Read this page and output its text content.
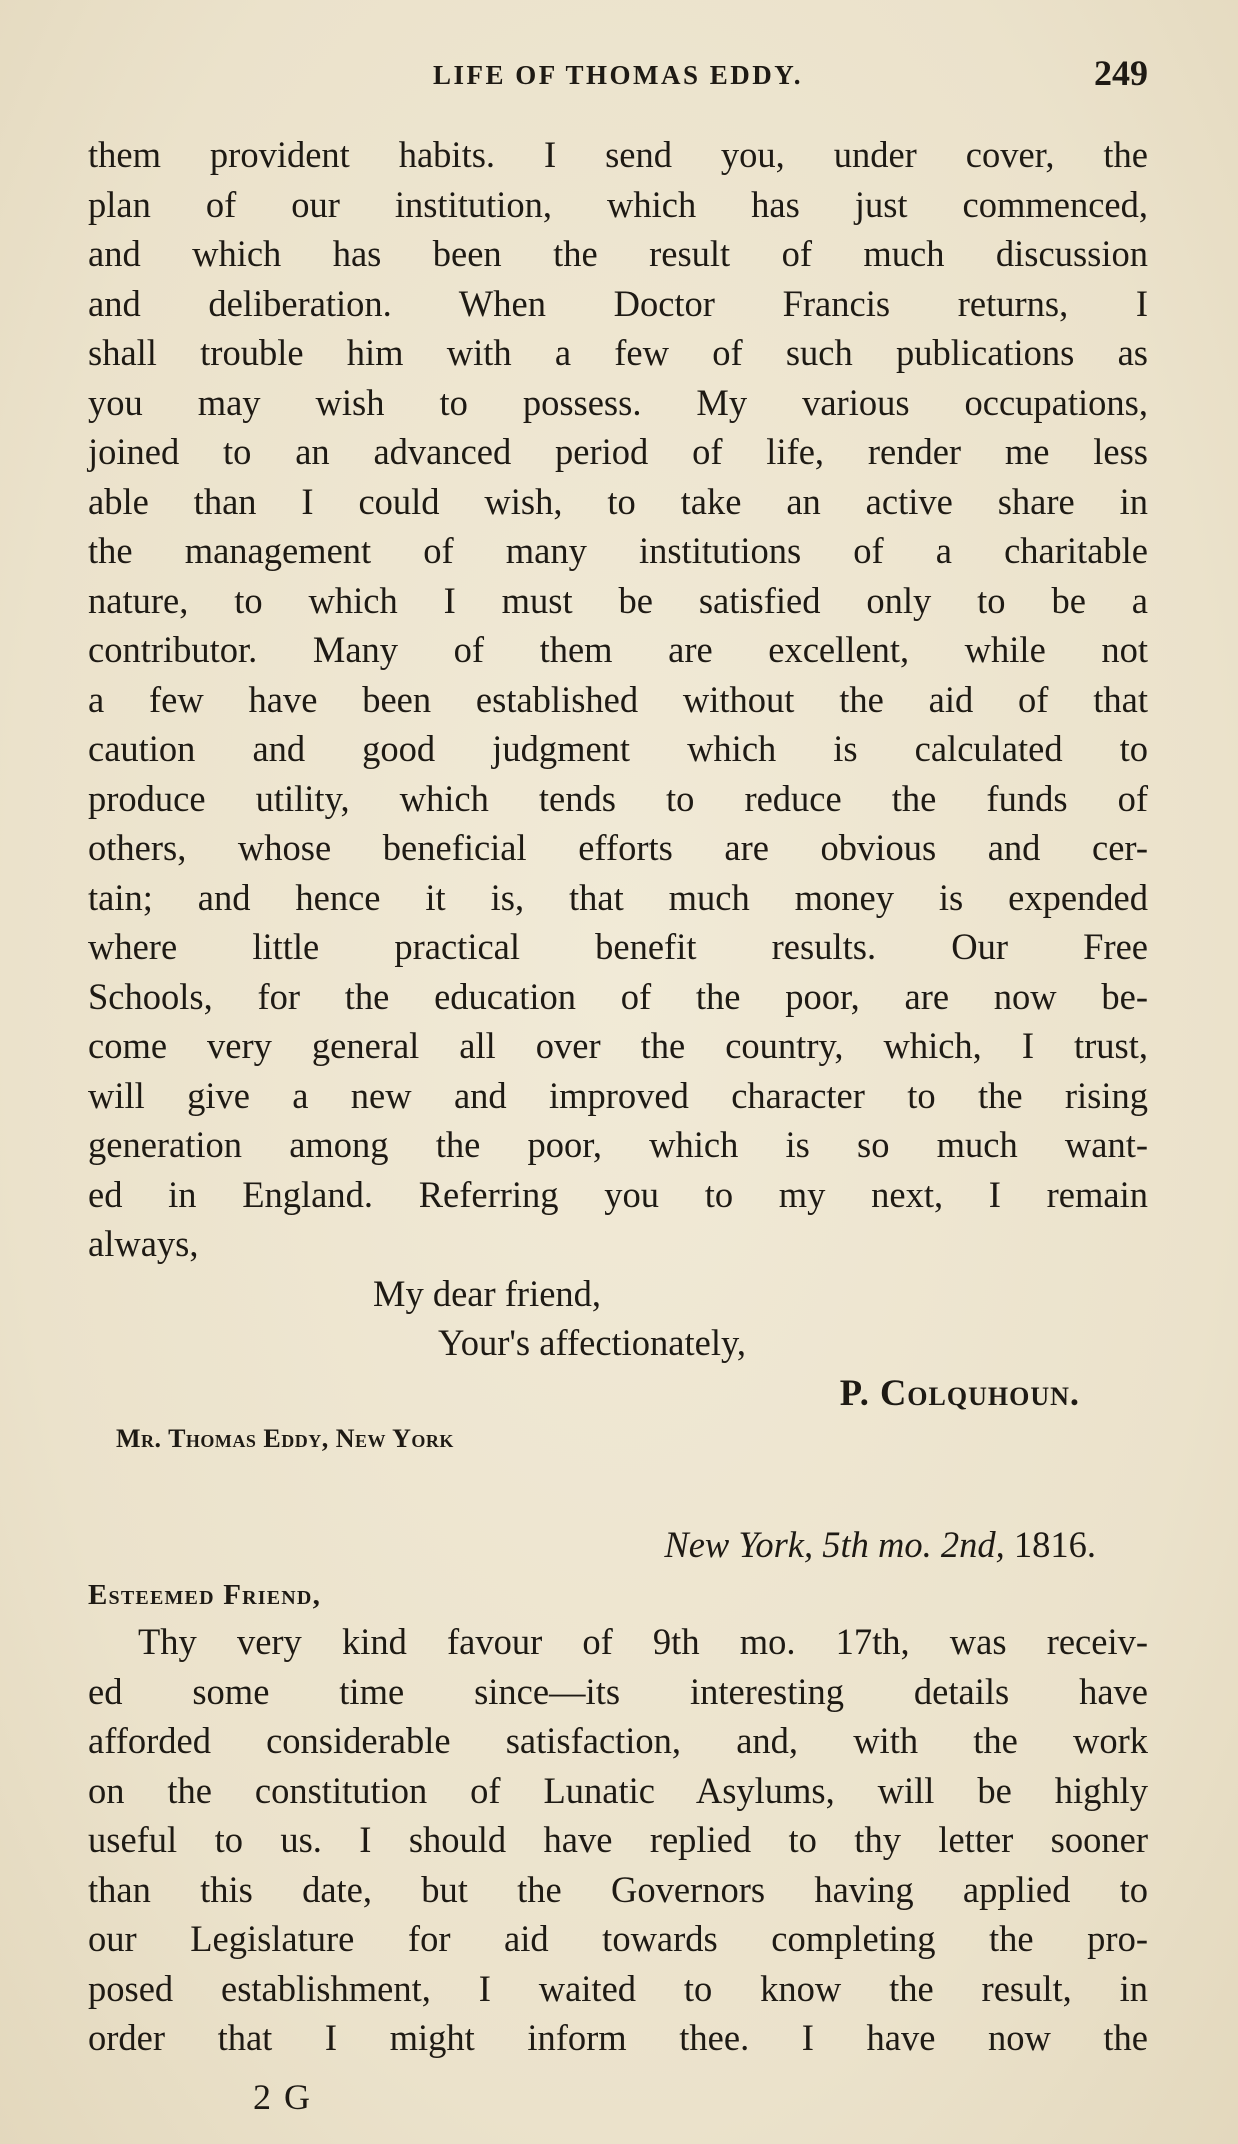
LIFE OF THOMAS EDDY.	249
them provident habits. I send you, under cover, the
plan of our institution, which has just commenced,
and which has been the result of much discussion
and deliberation. When Doctor Francis returns, I
shall trouble him with a few of such publications as
you may wish to possess. My various occupations,
joined to an advanced period of life, render me less
able than I could wish, to take an active share in
the management of many institutions of a charitable
nature, to which I must be satisfied only to be a
contributor. Many of them are excellent, while not
a few have been established without the aid of that
caution and good judgment which is calculated to
produce utility, which tends to reduce the funds of
others, whose beneficial efforts are obvious and cer-
tain; and hence it is, that much money is expended
where little practical benefit results. Our Free
Schools, for the education of the poor, are now be-
come very general all over the country, which, I trust,
will give a new and improved character to the rising
generation among the poor, which is so much want-
ed in England. Referring you to my next, I remain
always,
My dear friend,
Your's affectionately,
P. Colquhoun.
Mr. Thomas Eddy, New York
New York, 5th mo. 2nd, 1816.
Esteemed Friend,
Thy very kind favour of 9th mo. 17th, was receiv-
ed some time since—its interesting details have
afforded considerable satisfaction, and, with the work
on the constitution of Lunatic Asylums, will be highly
useful to us. I should have replied to thy letter sooner
than this date, but the Governors having applied to
our Legislature for aid towards completing the pro-
posed establishment, I waited to know the result, in
order that I might inform thee. I have now the
2 G
